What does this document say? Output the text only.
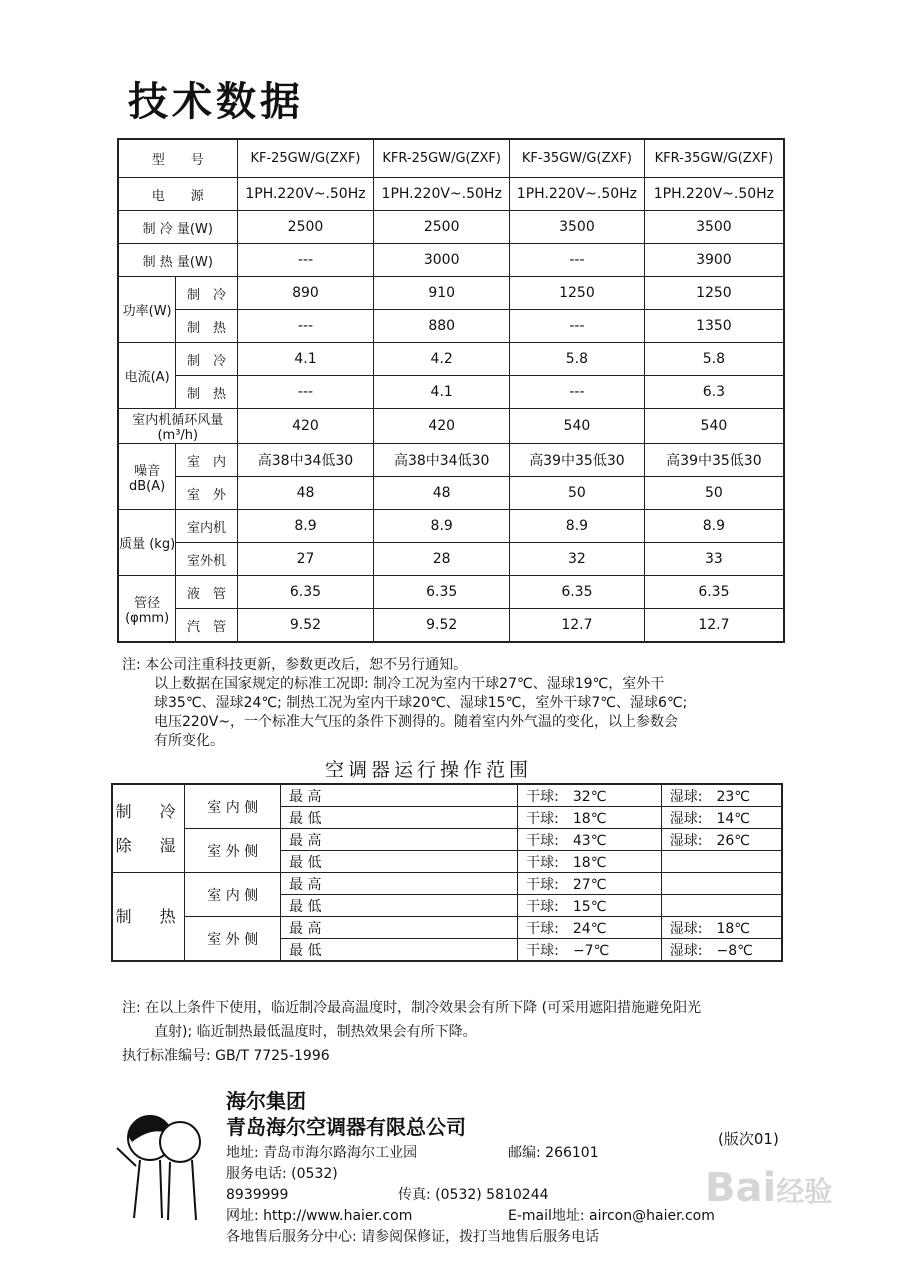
技术数据
型　　号		KF-25GW/G(ZXF)	KFR-25GW/G(ZXF)	KF-35GW/G(ZXF)	KFR-35GW/G(ZXF)
电　　源		1PH.220V~.50Hz	1PH.220V~.50Hz	1PH.220V~.50Hz	1PH.220V~.50Hz
制 冷 量(W)		2500	2500	3500	3500
制 热 量(W)		---	3000	---	3900
功率(W)	制　冷	890	910	1250	1250
	制　热	---	880	---	1350
电流(A)	制　冷	4.1	4.2	5.8	5.8
	制　热	---	4.1	---	6.3
室内机循环风量(m³/h)		420	420	540	540
噪音 dB(A)	室　内	高38中34低30	高38中34低30	高39中35低30	高39中35低30
	室　外	48	48	50	50
质量 (kg)	室内机	8.9	8.9	8.9	8.9
	室外机	27	28	32	33
管径(φmm)	液　管	6.35	6.35	6.35	6.35
	汽　管	9.52	9.52	12.7	12.7
注: 本公司注重科技更新，参数更改后，恕不另行通知。
以上数据在国家规定的标准工况即: 制冷工况为室内干球27℃、湿球19℃，室外干
球35℃、湿球24℃; 制热工况为室内干球20℃、湿球15℃，室外干球7℃、湿球6℃;
电压220V~，一个标准大气压的条件下测得的。随着室内外气温的变化，以上参数会
有所变化。
空调器运行操作范围
制　冷
除　湿	室 内 侧	最 高	干球:　32℃	湿球:　23℃
		最 低	干球:　18℃	湿球:　14℃
	室 外 侧	最 高	干球:　43℃	湿球:　26℃
		最 低	干球:　18℃	
制　热	室 内 侧	最 高	干球:　27℃	
		最 低	干球:　15℃	
	室 外 侧	最 高	干球:　24℃	湿球:　18℃
		最 低	干球:　−7℃	湿球:　−8℃
注: 在以上条件下使用，临近制冷最高温度时，制冷效果会有所下降 (可采用遮阳措施避免阳光
直射); 临近制热最低温度时，制热效果会有所下降。
执行标准编号: GB/T 7725-1996
海尔集团
青岛海尔空调器有限总公司	(版次01)
地址: 青岛市海尔路海尔工业园	邮编: 266101
服务电话: (0532) 8939999	传真: (0532) 5810244
网址: http://www.haier.com	E-mail地址: aircon@haier.com
各地售后服务分中心: 请参阅保修证，拨打当地售后服务电话
Bai经验
